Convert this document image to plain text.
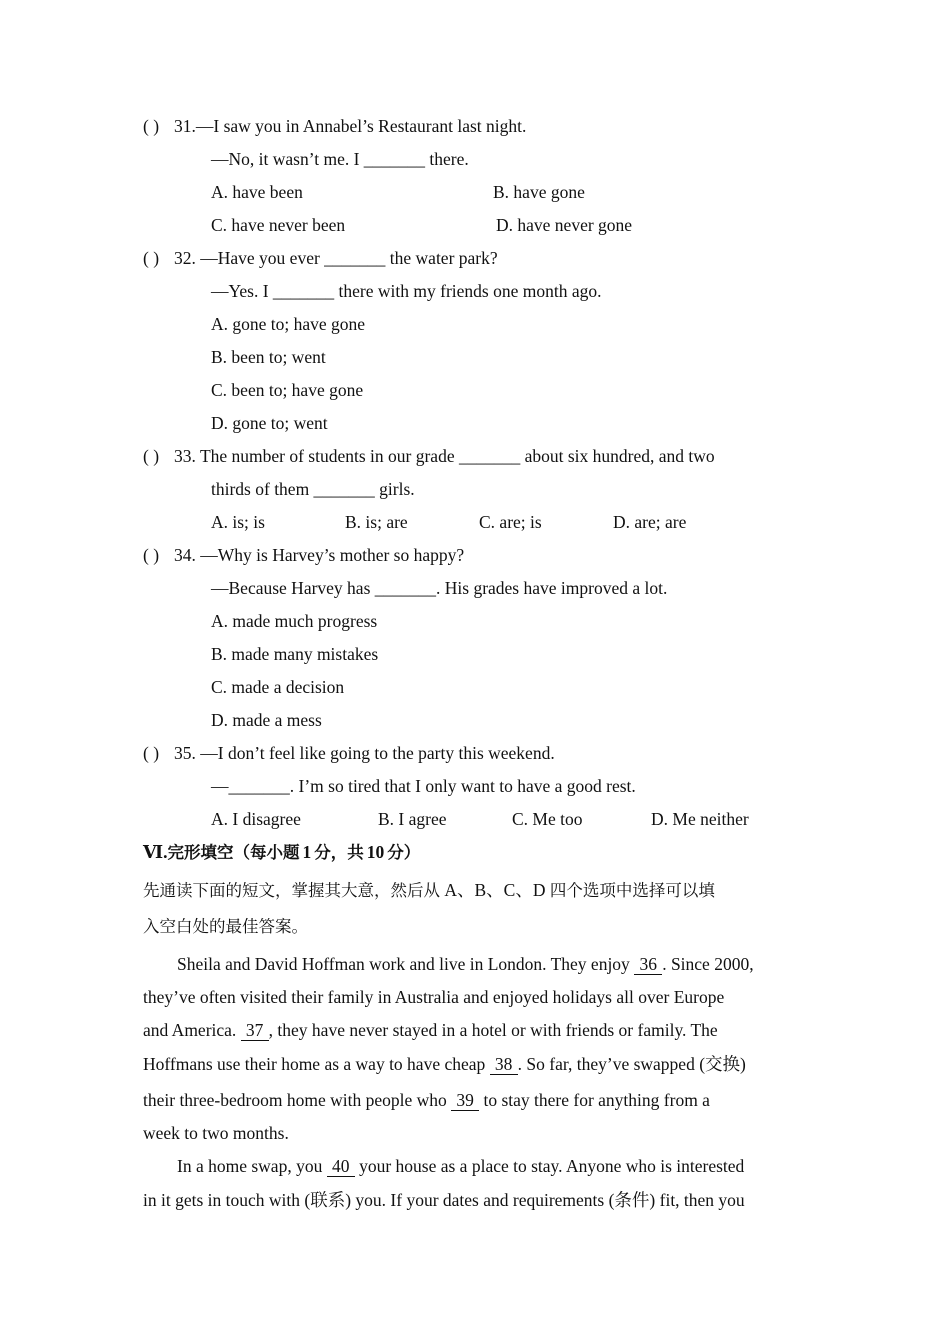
( ) 31.—I saw you in Annabel’s Restaurant last night.
—No, it wasn’t me. I _______ there.
A. have been	B. have gone
C. have never been	D. have never gone
( ) 32. —Have you ever _______ the water park?
—Yes. I _______ there with my friends one month ago.
A. gone to; have gone
B. been to; went
C. been to; have gone
D. gone to; went
( ) 33. The number of students in our grade _______ about six hundred, and two
thirds of them _______ girls.
A. is; is	B. is; are	C. are; is	D. are; are
( ) 34. —Why is Harvey’s mother so happy?
—Because Harvey has _______. His grades have improved a lot.
A. made much progress
B. made many mistakes
C. made a decision
D. made a mess
( ) 35. —I don’t feel like going to the party this weekend.
—_______. I’m so tired that I only want to have a good rest.
A. I disagree	B. I agree	C. Me too	D. Me neither
Ⅵ.完形填空（每小题 1 分，共 10 分）
先通读下面的短文，掌握其大意，然后从 A、B、C、D 四个选项中选择可以填
入空白处的最佳答案。
Sheila and David Hoffman work and live in London. They enjoy 36 . Since 2000,
they’ve often visited their family in Australia and enjoyed holidays all over Europe
and America. 37 , they have never stayed in a hotel or with friends or family. The
Hoffmans use their home as a way to have cheap 38 . So far, they’ve swapped (交换)
their three-bedroom home with people who 39 to stay there for anything from a
week to two months.
In a home swap, you 40 your house as a place to stay. Anyone who is interested
in it gets in touch with (联系) you. If your dates and requirements (条件) fit, then you
